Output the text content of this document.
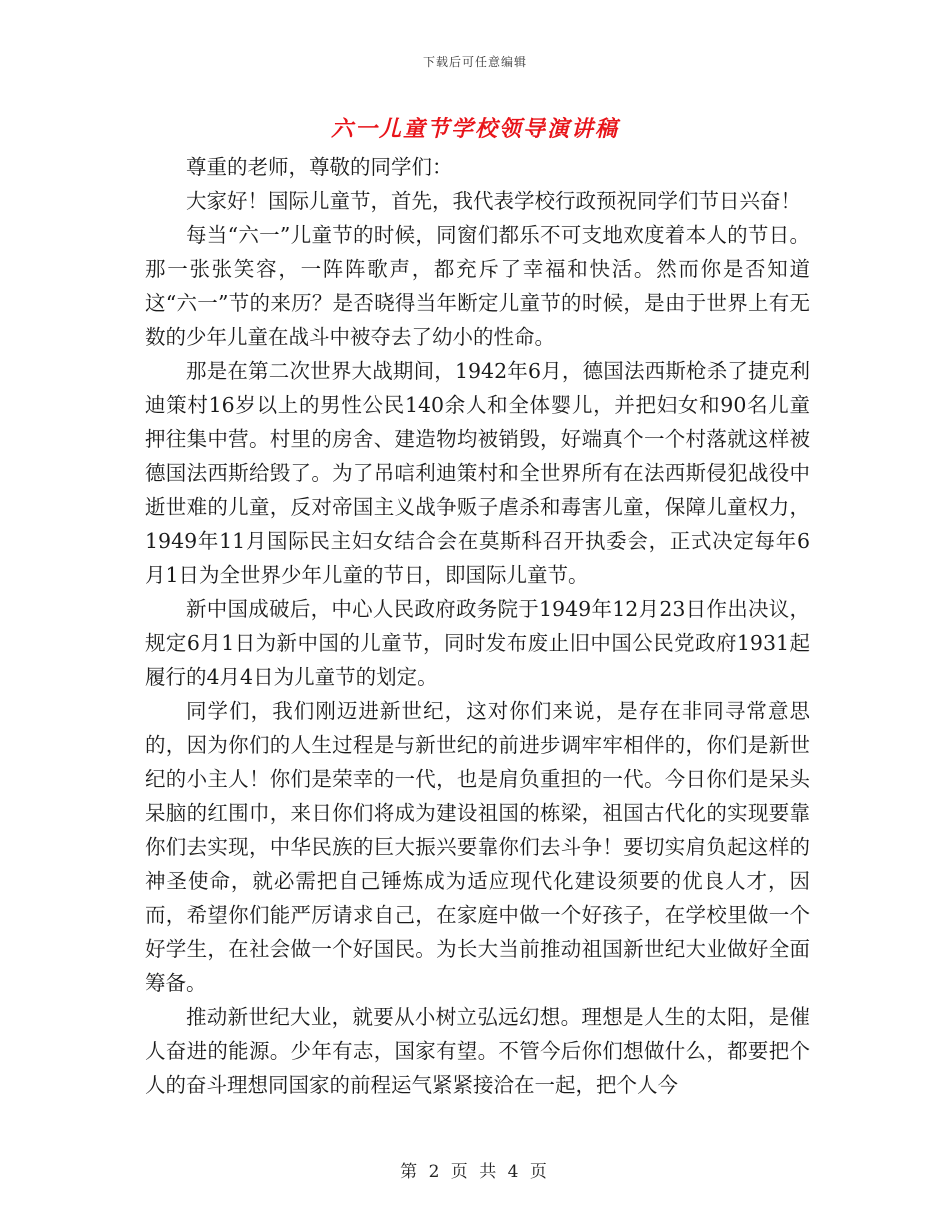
下载后可任意编辑
六一儿童节学校领导演讲稿

尊重的老师，尊敬的同学们：

大家好！国际儿童节，首先，我代表学校行政预祝同学们节日兴奋！

每当“六一”儿童节的时候，同窗们都乐不可支地欢度着本人的节日。那一张张笑容，一阵阵歌声，都充斥了幸福和快活。然而你是否知道这“六一”节的来历？是否晓得当年断定儿童节的时候，是由于世界上有无数的少年儿童在战斗中被夺去了幼小的性命。

那是在第二次世界大战期间，1942年6月，德国法西斯枪杀了捷克利迪策村16岁以上的男性公民140余人和全体婴儿，并把妇女和90名儿童押往集中营。村里的房舍、建造物均被销毁，好端真个一个村落就这样被德国法西斯给毁了。为了吊唁利迪策村和全世界所有在法西斯侵犯战役中逝世难的儿童，反对帝国主义战争贩子虐杀和毒害儿童，保障儿童权力，1949年11月国际民主妇女结合会在莫斯科召开执委会，正式决定每年6月1日为全世界少年儿童的节日，即国际儿童节。

新中国成破后，中心人民政府政务院于1949年12月23日作出决议，规定6月1日为新中国的儿童节，同时发布废止旧中国公民党政府1931起履行的4月4日为儿童节的划定。

同学们，我们刚迈进新世纪，这对你们来说，是存在非同寻常意思的，因为你们的人生过程是与新世纪的前进步调牢牢相伴的，你们是新世纪的小主人！你们是荣幸的一代，也是肩负重担的一代。今日你们是呆头呆脑的红围巾，来日你们将成为建设祖国的栋梁，祖国古代化的实现要靠你们去实现，中华民族的巨大振兴要靠你们去斗争！要切实肩负起这样的神圣使命，就必需把自己锤炼成为适应现代化建设须要的优良人才，因而，希望你们能严厉请求自己，在家庭中做一个好孩子，在学校里做一个好学生，在社会做一个好国民。为长大当前推动祖国新世纪大业做好全面筹备。

推动新世纪大业，就要从小树立弘远幻想。理想是人生的太阳，是催人奋进的能源。少年有志，国家有望。不管今后你们想做什么，都要把个人的奋斗理想同国家的前程运气紧紧接洽在一起，把个人今

第 2 页 共 4 页
